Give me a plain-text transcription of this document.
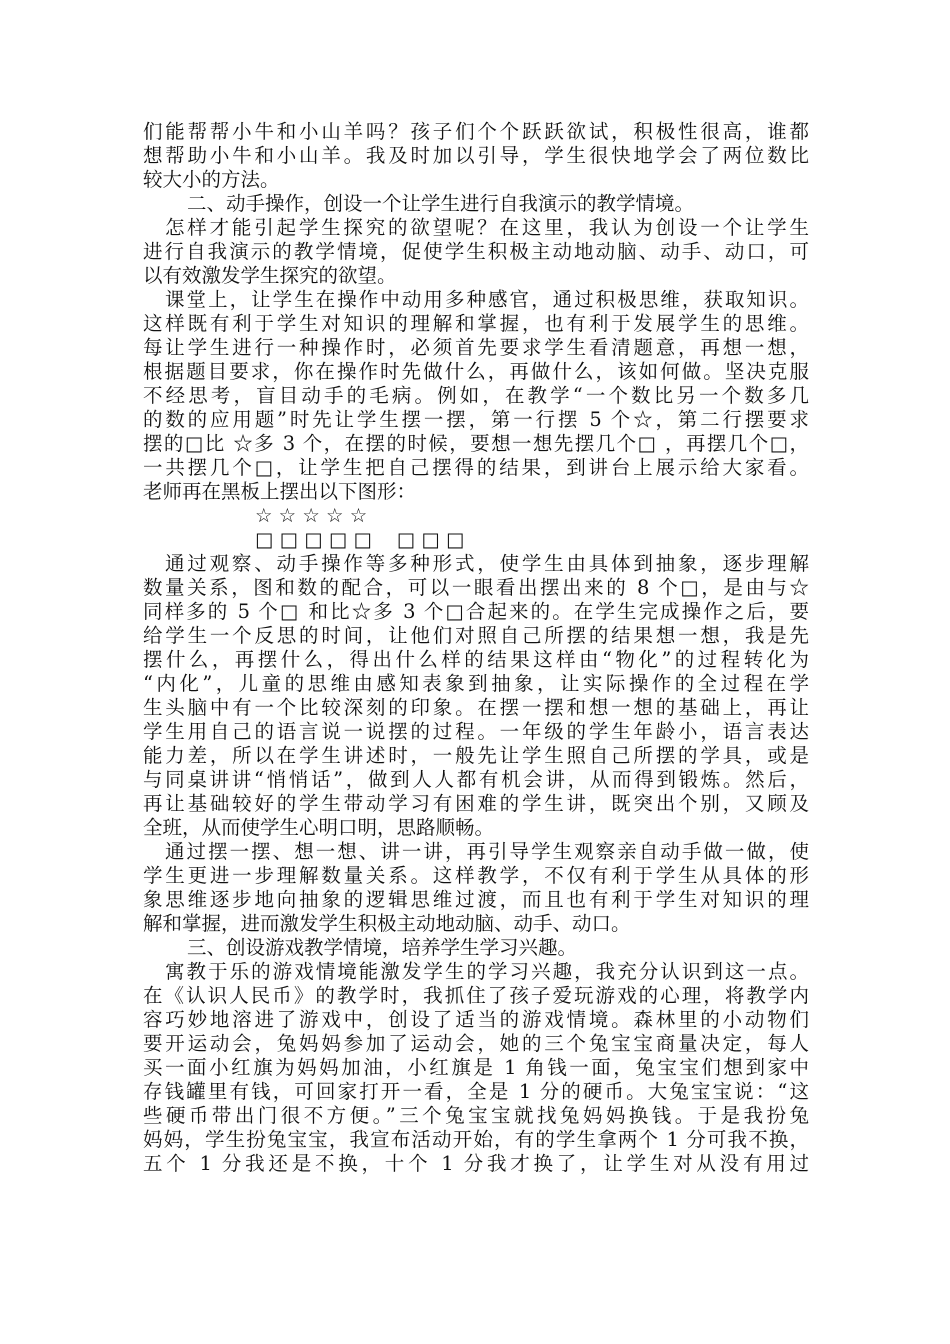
们能帮帮小牛和小山羊吗？孩子们个个跃跃欲试，积极性很高，谁都
想帮助小牛和小山羊。我及时加以引导，学生很快地学会了两位数比
较大小的方法。
二、动手操作，创设一个让学生进行自我演示的教学情境。
怎样才能引起学生探究的欲望呢？在这里，我认为创设一个让学生
进行自我演示的教学情境，促使学生积极主动地动脑、动手、动口，可
以有效激发学生探究的欲望。
课堂上，让学生在操作中动用多种感官，通过积极思维，获取知识。
这样既有利于学生对知识的理解和掌握，也有利于发展学生的思维。
每让学生进行一种操作时，必须首先要求学生看清题意，再想一想，
根据题目要求，你在操作时先做什么，再做什么，该如何做。坚决克服
不经思考，盲目动手的毛病。例如，在教学“一个数比另一个数多几
的数的应用题”时先让学生摆一摆，第一行摆 5 个☆，第二行摆要求
摆的□比 ☆多 3 个，在摆的时候，要想一想先摆几个□ ，再摆几个□，
一共摆几个□，让学生把自己摆得的结果，到讲台上展示给大家看。
老师再在黑板上摆出以下图形：
☆ ☆ ☆ ☆ ☆
□ □ □ □ □    □ □ □
通过观察、动手操作等多种形式，使学生由具体到抽象，逐步理解
数量关系，图和数的配合，可以一眼看出摆出来的 8 个□，是由与☆
同样多的 5 个□ 和比☆多 3 个□合起来的。在学生完成操作之后，要
给学生一个反思的时间，让他们对照自己所摆的结果想一想，我是先
摆什么，再摆什么，得出什么样的结果这样由“物化”的过程转化为
“内化”，儿童的思维由感知表象到抽象，让实际操作的全过程在学
生头脑中有一个比较深刻的印象。在摆一摆和想一想的基础上，再让
学生用自己的语言说一说摆的过程。一年级的学生年龄小，语言表达
能力差，所以在学生讲述时，一般先让学生照自己所摆的学具，或是
与同桌讲讲“悄悄话”，做到人人都有机会讲，从而得到锻炼。然后，
再让基础较好的学生带动学习有困难的学生讲，既突出个别，又顾及
全班，从而使学生心明口明，思路顺畅。
通过摆一摆、想一想、讲一讲，再引导学生观察亲自动手做一做，使
学生更进一步理解数量关系。这样教学，不仅有利于学生从具体的形
象思维逐步地向抽象的逻辑思维过渡，而且也有利于学生对知识的理
解和掌握，进而激发学生积极主动地动脑、动手、动口。
三、创设游戏教学情境，培养学生学习兴趣。
寓教于乐的游戏情境能激发学生的学习兴趣，我充分认识到这一点。
在《认识人民币》的教学时，我抓住了孩子爱玩游戏的心理，将教学内
容巧妙地溶进了游戏中，创设了适当的游戏情境。森林里的小动物们
要开运动会，兔妈妈参加了运动会，她的三个兔宝宝商量决定，每人
买一面小红旗为妈妈加油，小红旗是 1 角钱一面，兔宝宝们想到家中
存钱罐里有钱，可回家打开一看，全是 1 分的硬币。大兔宝宝说：“这
些硬币带出门很不方便。”三个兔宝宝就找兔妈妈换钱。于是我扮兔
妈妈，学生扮兔宝宝，我宣布活动开始，有的学生拿两个 1 分可我不换，
五个 1 分我还是不换，十个 1 分我才换了，让学生对从没有用过
